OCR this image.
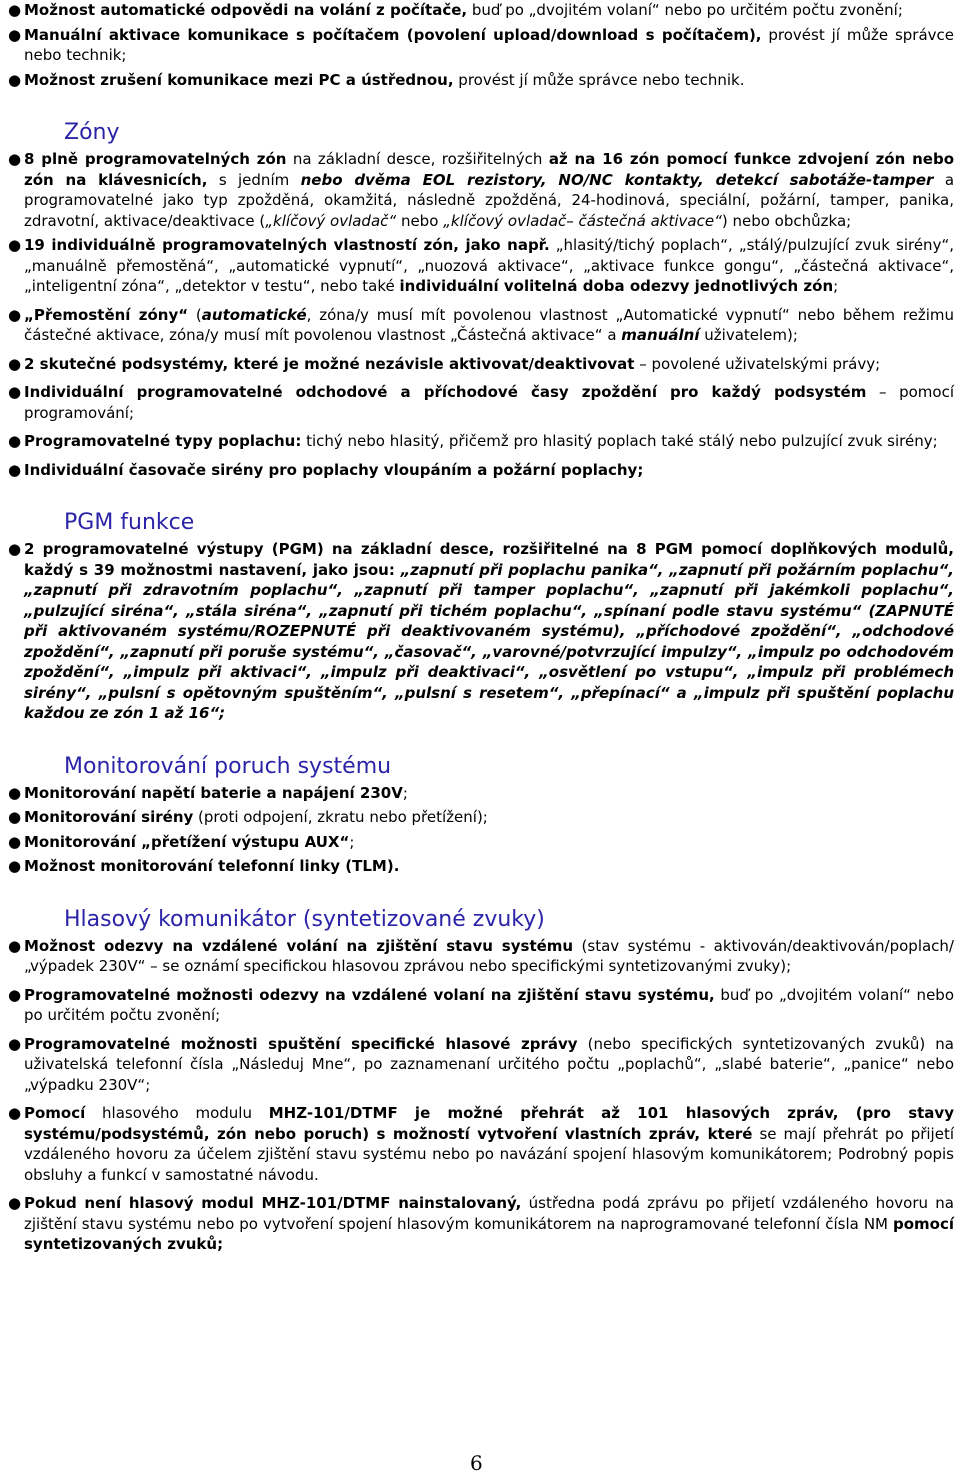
● Možnost automatické odpovědi na volání z počítače, buď po „dvojitém volaní“ nebo po určitém počtu zvonění;
● Manuální aktivace komunikace s počítačem (povolení upload/download s počítačem), provést jí může správce nebo technik;
● Možnost zrušení komunikace mezi PC a ústřednou, provést jí může správce nebo technik.
Zóny
● 8 plně programovatelných zón na základní desce, rozšiřitelných až na 16 zón pomocí funkce zdvojení zón nebo zón na klávesnicích, s jedním nebo dvěma EOL rezistory, NO/NC kontakty, detekcí sabotáže-tamper a programovatelné jako typ zpožděná, okamžitá, následně zpožděná, 24-hodinová, speciální, požární, tamper, panika, zdravotní, aktivace/deaktivace („klíčový ovladač“ nebo „klíčový ovladač– částečná aktivace“) nebo obchůzka;
● 19 individuálně programovatelných vlastností zón, jako např. „hlasitý/tichý poplach“, „stálý/pulzující zvuk sirény“, „manuálně přemostěná“, „automatické vypnutí“, „nuozová aktivace“, „aktivace funkce gongu“, „částečná aktivace“, „inteligentní zóna“, „detektor v testu“, nebo také individuální volitelná doba odezvy jednotlivých zón;
● „Přemostění zóny“ (automatické, zóna/y musí mít povolenou vlastnost „Automatické vypnutí“ nebo během režimu částečné aktivace, zóna/y musí mít povolenou vlastnost „Částečná aktivace“ a manuální uživatelem);
● 2 skutečné podsystémy, které je možné nezávisle aktivovat/deaktivovat – povolené uživatelskými právy;
● Individuální programovatelné odchodové a příchodové časy zpoždění pro každý podsystém – pomocí programování;
● Programovatelné typy poplachu: tichý nebo hlasitý, přičemž pro hlasitý poplach také stálý nebo pulzující zvuk sirény;
● Individuální časovače sirény pro poplachy vloupáním a požární poplachy;
PGM funkce
● 2 programovatelné výstupy (PGM) na základní desce, rozšiřitelné na 8 PGM pomocí doplňkových modulů, každý s 39 možnostmi nastavení, jako jsou: „zapnutí při poplachu panika“, „zapnutí při požárním poplachu“, „zapnutí při zdravotním poplachu“, „zapnutí při tamper poplachu“, „zapnutí při jakémkoli poplachu“, „pulzující siréna“, „stála siréna“, „zapnutí při tichém poplachu“, „spínaní podle stavu systému“ (ZAPNUTÉ při aktivovaném systému/ROZEPNUTÉ při deaktivovaném systému), „příchodové zpoždění“, „odchodové zpoždění“, „zapnutí při poruše systému“, „časovač“, „varovné/potvrzující impulzy“, „impulz po odchodovém zpoždění“, „impulz při aktivaci“, „impulz při deaktivaci“, „osvětlení po vstupu“, „impulz při problémech sirény“, „pulsní s opětovným spuštěním“, „pulsní s resetem“, „přepínací“ a „impulz při spuštění poplachu každou ze zón 1 až 16“;
Monitorování poruch systému
● Monitorování napětí baterie a napájení 230V;
● Monitorování sirény (proti odpojení, zkratu nebo přetížení);
● Monitorování „přetížení výstupu AUX“;
● Možnost monitorování telefonní linky (TLM).
Hlasový komunikátor (syntetizované zvuky)
● Možnost odezvy na vzdálené volání na zjištění stavu systému (stav systému - aktivován/deaktivován/poplach/„výpadek 230V“ – se oznámí specifickou hlasovou zprávou nebo specifickými syntetizovanými zvuky);
● Programovatelné možnosti odezvy na vzdálené volaní na zjištění stavu systému, buď po „dvojitém volaní“ nebo po určitém počtu zvonění;
● Programovatelné možnosti spuštění specifické hlasové zprávy (nebo specifických syntetizovaných zvuků) na uživatelská telefonní čísla „Následuj Mne“, po zaznamenaní určitého počtu „poplachů“, „slabé baterie“, „panice“ nebo „výpadku 230V“;
● Pomocí hlasového modulu MHZ-101/DTMF je možné přehrát až 101 hlasových zpráv, (pro stavy systému/podsystémů, zón nebo poruch) s možností vytvoření vlastních zpráv, které se mají přehrát po přijetí vzdáleného hovoru za účelem zjištění stavu systému nebo po navázání spojení hlasovým komunikátorem; Podrobný popis obsluhy a funkcí v samostatné návodu.
● Pokud není hlasový modul MHZ-101/DTMF nainstalovaný, ústředna podá zprávu po přijetí vzdáleného hovoru na zjištění stavu systému nebo po vytvoření spojení hlasovým komunikátorem na naprogramované telefonní čísla NM pomocí syntetizovaných zvuků;
6
